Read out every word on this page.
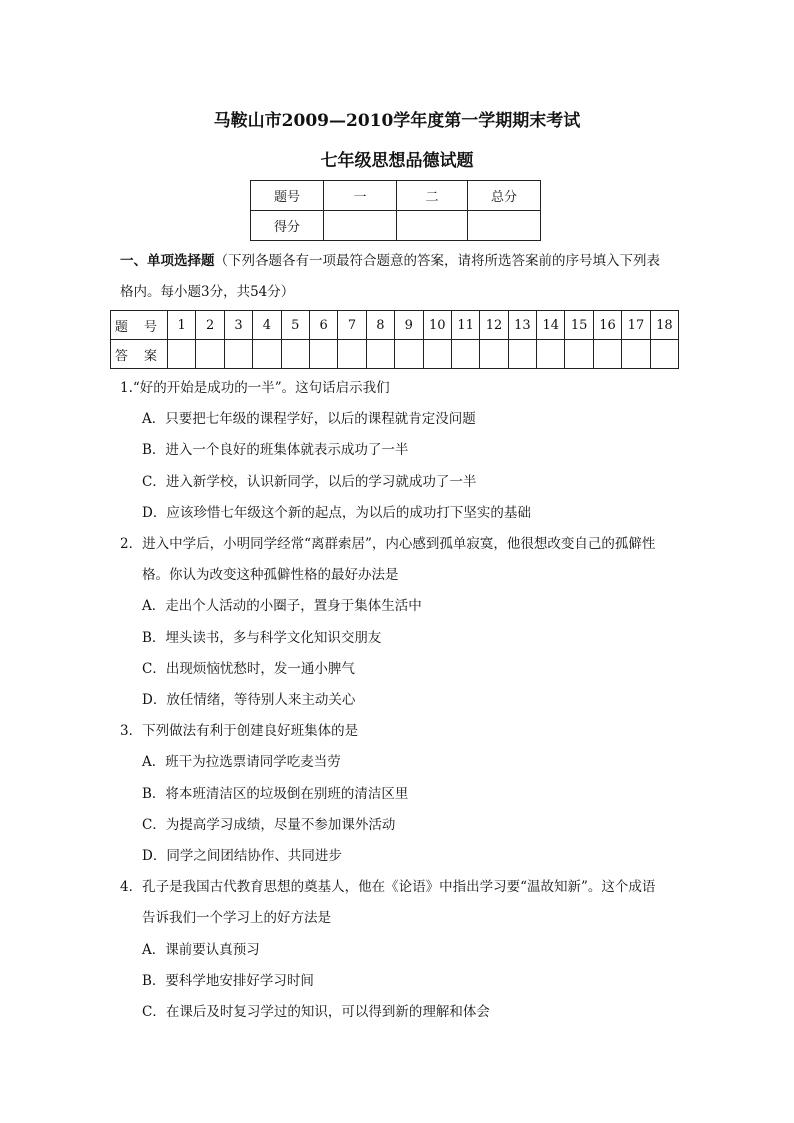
马鞍山市2009—2010学年度第一学期期末考试
七年级思想品德试题
题号	一	二	总分
得分			
一、单项选择题（下列各题各有一项最符合题意的答案，请将所选答案前的序号填入下列表
格内。每小题3分，共54分）
题 号	1	2	3	4	5	6	7	8	9	10	11	12	13	14	15	16	17	18
答 案																		
1.“好的开始是成功的一半”。这句话启示我们
A．只要把七年级的课程学好，以后的课程就肯定没问题
B．进入一个良好的班集体就表示成功了一半
C．进入新学校，认识新同学，以后的学习就成功了一半
D．应该珍惜七年级这个新的起点，为以后的成功打下坚实的基础
2．进入中学后，小明同学经常“离群索居”，内心感到孤单寂寞，他很想改变自己的孤僻性
格。你认为改变这种孤僻性格的最好办法是
A．走出个人活动的小圈子，置身于集体生活中
B．埋头读书，多与科学文化知识交朋友
C．出现烦恼忧愁时，发一通小脾气
D．放任情绪，等待别人来主动关心
3．下列做法有利于创建良好班集体的是
A．班干为拉选票请同学吃麦当劳
B．将本班清洁区的垃圾倒在别班的清洁区里
C．为提高学习成绩，尽量不参加课外活动
D．同学之间团结协作、共同进步
4．孔子是我国古代教育思想的奠基人，他在《论语》中指出学习要“温故知新”。这个成语
告诉我们一个学习上的好方法是
A．课前要认真预习
B．要科学地安排好学习时间
C．在课后及时复习学过的知识，可以得到新的理解和体会
